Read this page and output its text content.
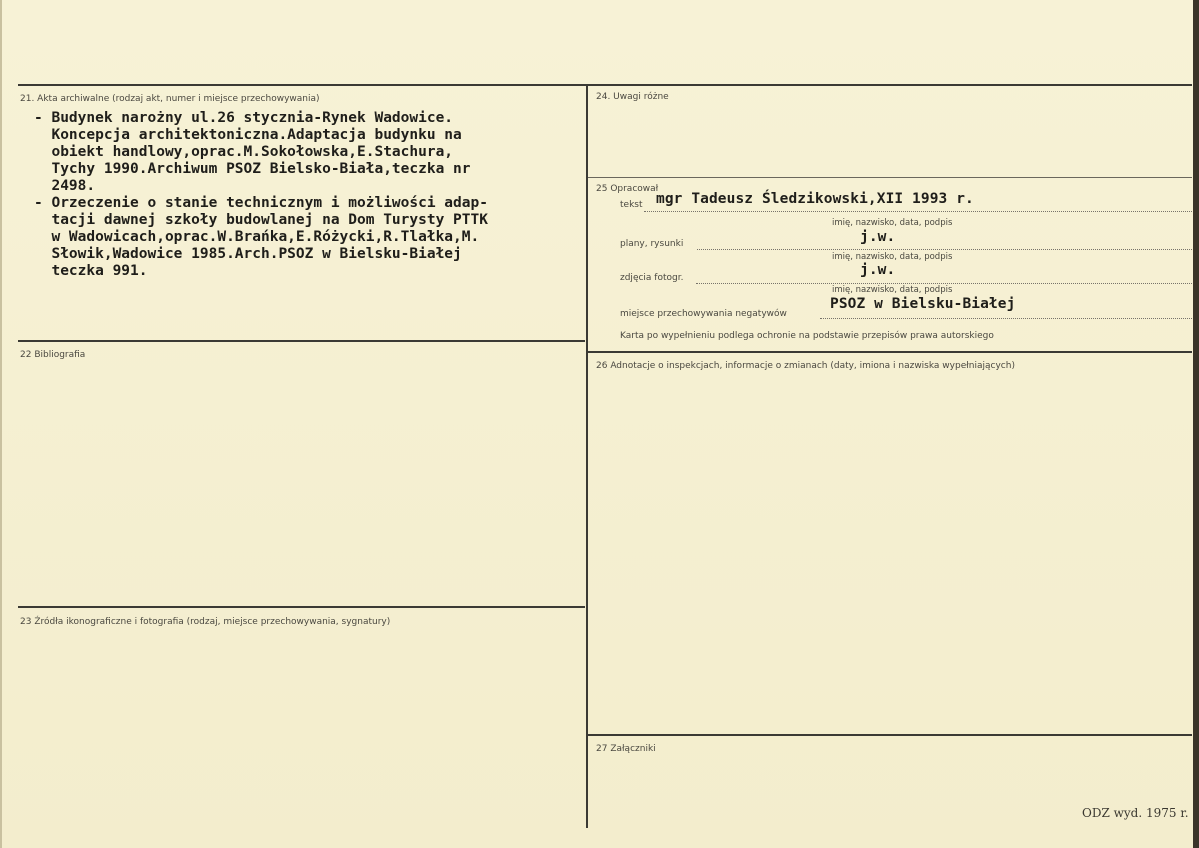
21. Akta archiwalne (rodzaj akt, numer i miejsce przechowywania)
- Budynek narożny ul.26 stycznia-Rynek Wadowice.
Koncepcja architektoniczna.Adaptacja budynku na
obiekt handlowy,oprac.M.Sokołowska,E.Stachura,
Tychy 1990.Archiwum PSOZ Bielsko-Biała,teczka nr
2498.
- Orzeczenie o stanie technicznym i możliwości adap-
tacji dawnej szkoły budowlanej na Dom Turysty PTTK
w Wadowicach,oprac.W.Brańka,E.Różycki,R.Tlałka,M.
Słowik,Wadowice 1985.Arch.PSOZ w Bielsku-Białej
teczka 991.
22 Bibliografia
23 Źródła ikonograficzne i fotografia (rodzaj, miejsce przechowywania, sygnatury)
24. Uwagi różne
25 Opracował
tekst mgr Tadeusz Śledzikowski,XII 1993 r.
imię, nazwisko, data, podpis
plany, rysunki	j.w.
imię, nazwisko, data, podpis
zdjęcia fotogr.	j.w.
imię, nazwisko, data, podpis
miejsce przechowywania negatywów
PSOZ w Bielsku-Białej
Karta po wypełnieniu podlega ochronie na podstawie przepisów prawa autorskiego
26 Adnotacje o inspekcjach, informacje o zmianach (daty, imiona i nazwiska wypełniających)
27 Załączniki
ODZ wyd. 1975 r.
